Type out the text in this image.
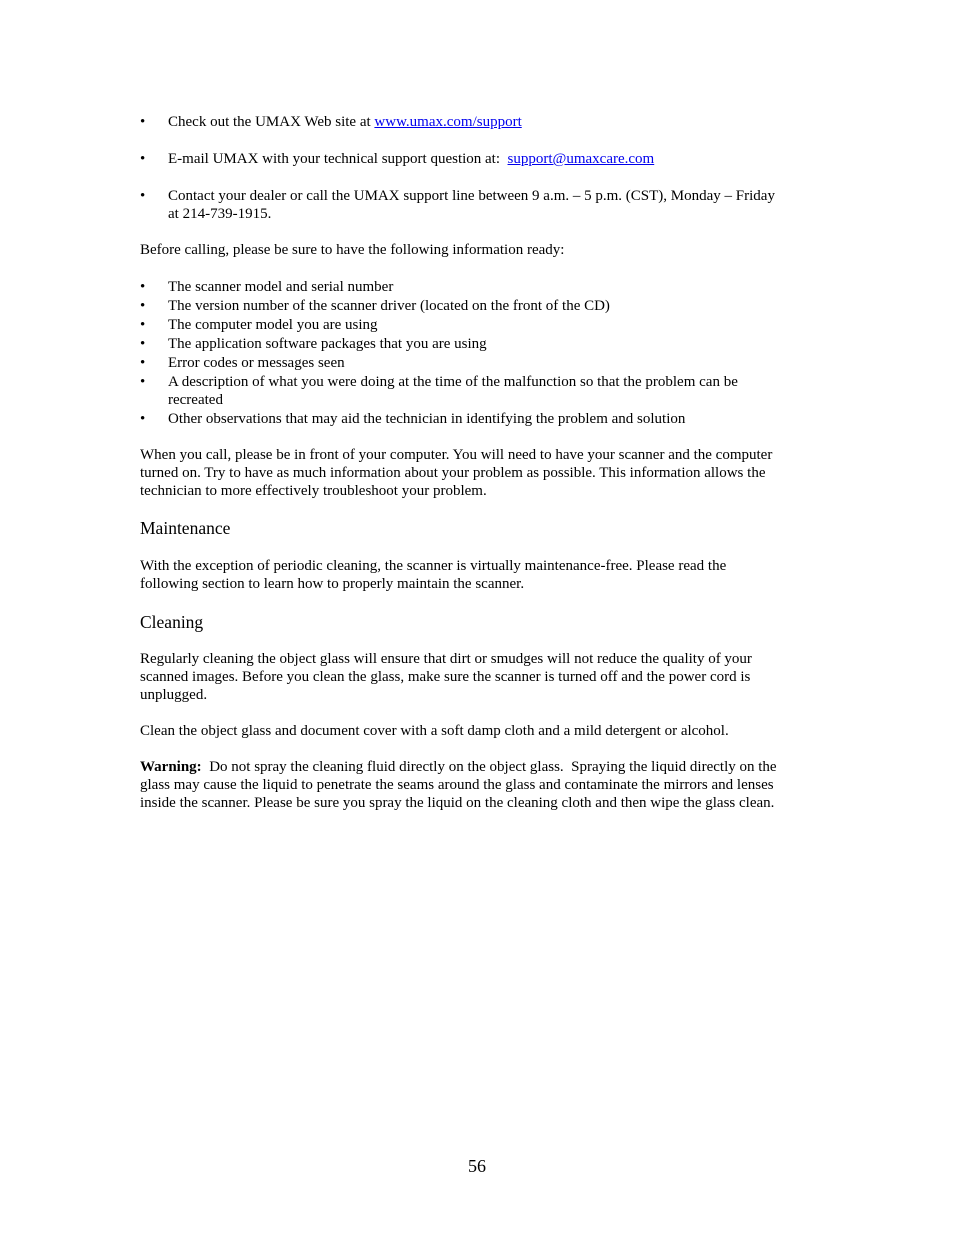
•	Check out the UMAX Web site at www.umax.com/support
•	E-mail UMAX with your technical support question at:  support@umaxcare.com
•	Contact your dealer or call the UMAX support line between 9 a.m. – 5 p.m. (CST), Monday – Friday
at 214-739-1915.

Before calling, please be sure to have the following information ready:

•	The scanner model and serial number
•	The version number of the scanner driver (located on the front of the CD)
•	The computer model you are using
•	The application software packages that you are using
•	Error codes or messages seen
•	A description of what you were doing at the time of the malfunction so that the problem can be
recreated
•	Other observations that may aid the technician in identifying the problem and solution

When you call, please be in front of your computer. You will need to have your scanner and the computer

turned on. Try to have as much information about your problem as possible. This information allows the

technician to more effectively troubleshoot your problem.

Maintenance

With the exception of periodic cleaning, the scanner is virtually maintenance-free. Please read the

following section to learn how to properly maintain the scanner.

Cleaning

Regularly cleaning the object glass will ensure that dirt or smudges will not reduce the quality of your

scanned images. Before you clean the glass, make sure the scanner is turned off and the power cord is

unplugged.

Clean the object glass and document cover with a soft damp cloth and a mild detergent or alcohol.

Warning:  Do not spray the cleaning fluid directly on the object glass.  Spraying the liquid directly on the

glass may cause the liquid to penetrate the seams around the glass and contaminate the mirrors and lenses

inside the scanner. Please be sure you spray the liquid on the cleaning cloth and then wipe the glass clean.

56
